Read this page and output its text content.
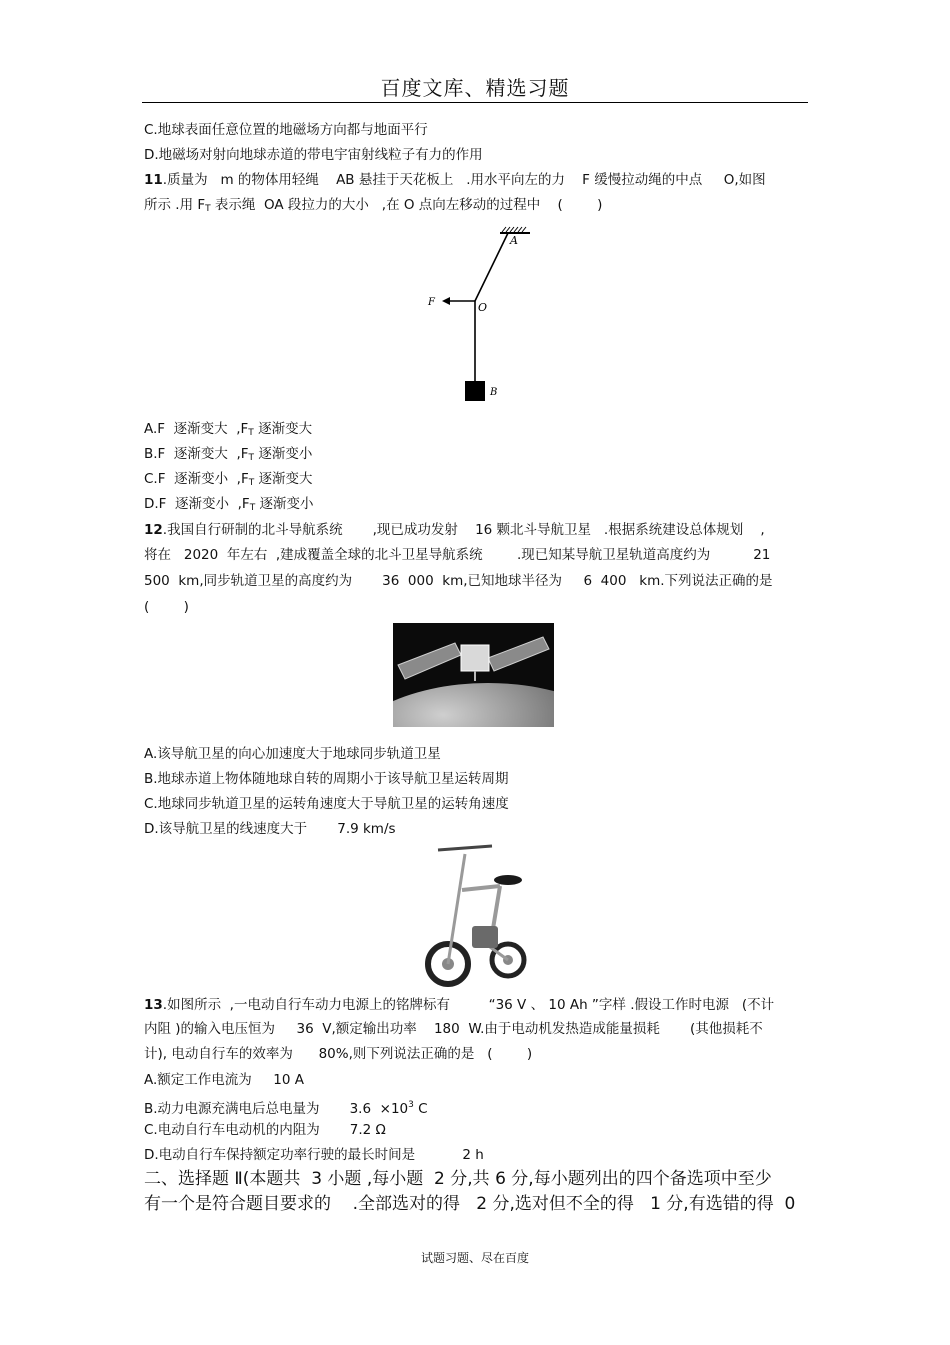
百度文库、精选习题
C.地球表面任意位置的地磁场方向都与地面平行
D.地磁场对射向地球赤道的带电宇宙射线粒子有力的作用
11.质量为   m 的物体用轻绳    AB 悬挂于天花板上   .用水平向左的力    F 缓慢拉动绳的中点     O,如图
所示 .用 $F_T$ 表示绳  OA 段拉力的大小   ,在 O 点向左移动的过程中    (        )
A
F	O
B
A.F  逐渐变大  $,F_T$ 逐渐变大
B.F  逐渐变大  $,F_T$ 逐渐变小
C.F  逐渐变小  $,F_T$ 逐渐变大
D.F  逐渐变小  $,F_T$ 逐渐变小
12.我国自行研制的北斗导航系统       ,现已成功发射    16 颗北斗导航卫星   .根据系统建设总体规划    ,
将在   2020  年左右  ,建成覆盖全球的北斗卫星导航系统        .现已知某导航卫星轨道高度约为          21
500  km,同步轨道卫星的高度约为       36  000  km,已知地球半径为     6  400   km.下列说法正确的是
(        )
A.该导航卫星的向心加速度大于地球同步轨道卫星
B.地球赤道上物体随地球自转的周期小于该导航卫星运转周期
C.地球同步轨道卫星的运转角速度大于导航卫星的运转角速度
D.该导航卫星的线速度大于       7.9 km/s
13.如图所示  ,一电动自行车动力电源上的铭牌标有         “36 V 、 10 Ah ”字样 .假设工作时电源   (不计
内阻 )的输入电压恒为     36  V,额定输出功率    180  W.由于电动机发热造成能量损耗       (其他损耗不
计), 电动自行车的效率为      80%,则下列说法正确的是   (        )
A.额定工作电流为     10 A
B.动力电源充满电后总电量为       $3.6 \times 10^3$ C
C.电动自行车电动机的内阻为       7.2 Ω
D.电动自行车保持额定功率行驶的最长时间是           2 h
二、选择题 Ⅱ(本题共  3 小题 ,每小题  2 分,共 6 分,每小题列出的四个备选项中至少
有一个是符合题目要求的    .全部选对的得   2 分,选对但不全的得   1 分,有选错的得  0
试题习题、尽在百度
